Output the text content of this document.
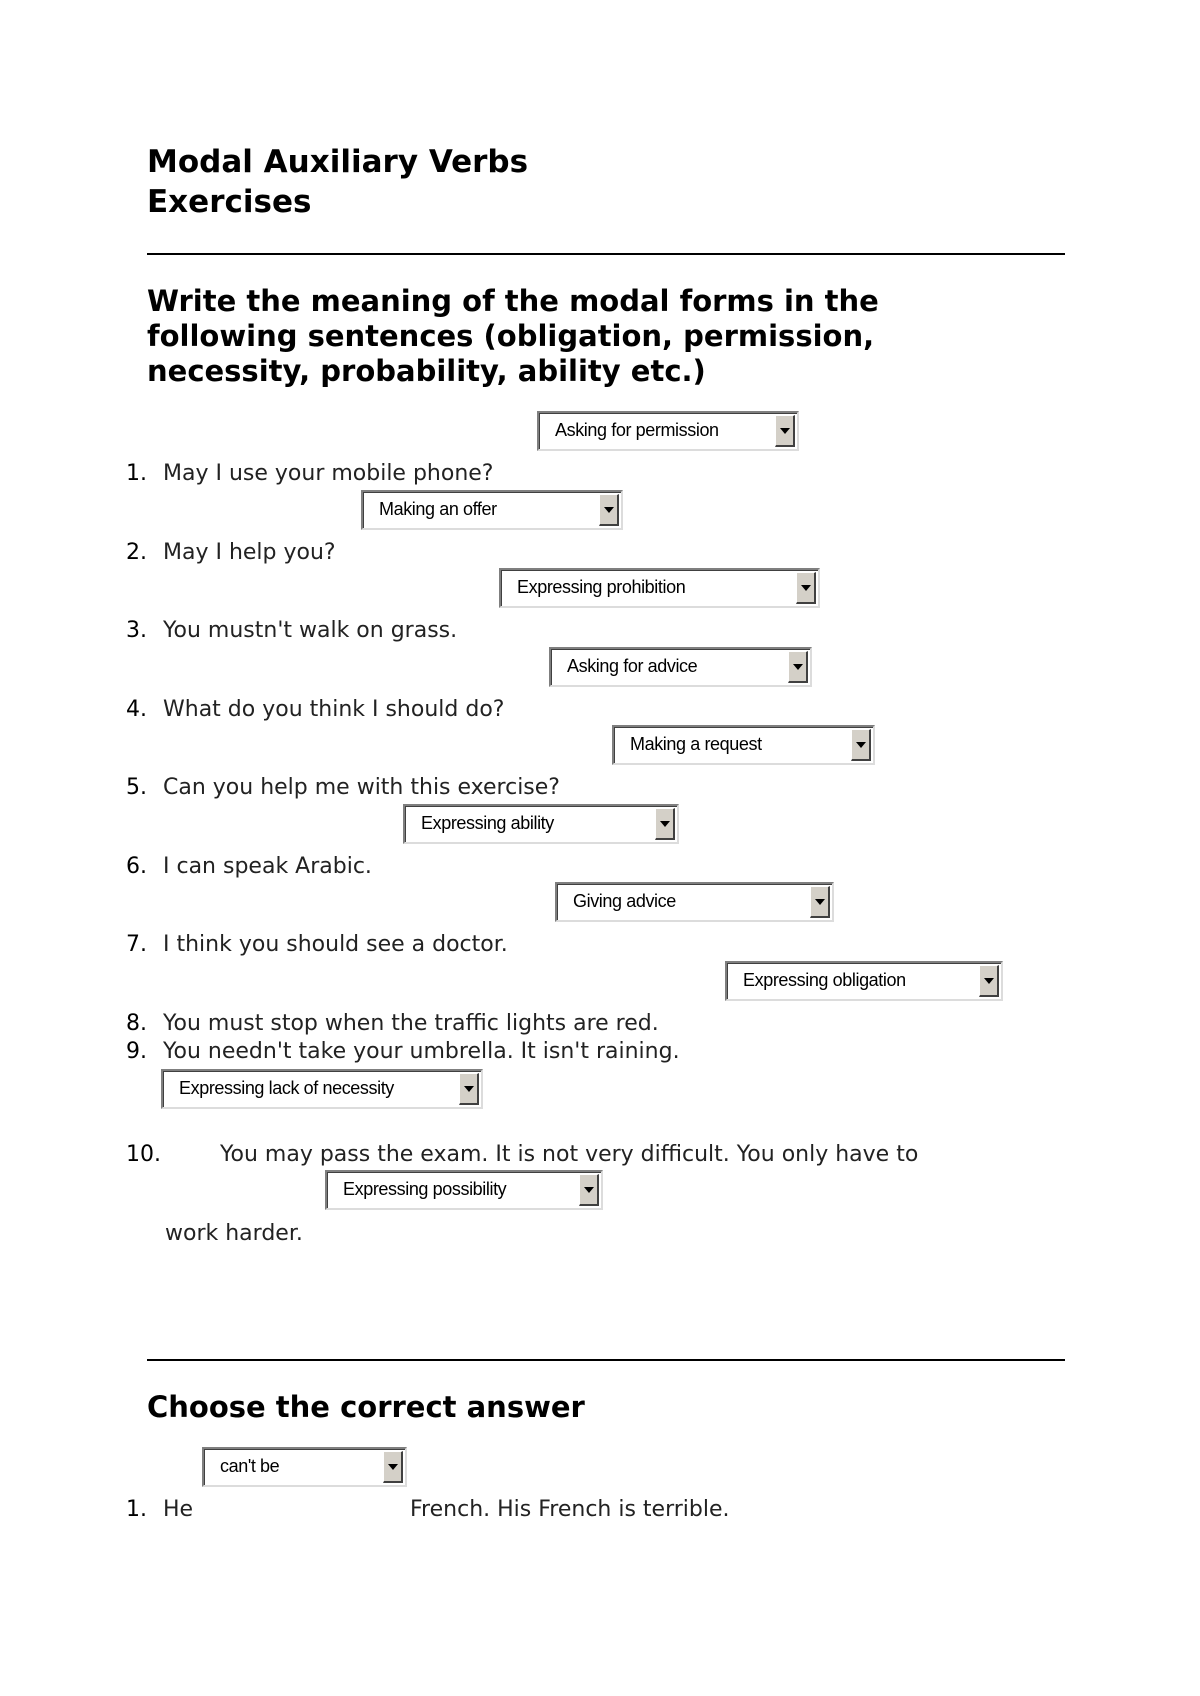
Modal Auxiliary Verbs
Exercises
Write the meaning of the modal forms in the
following sentences (obligation, permission,
necessity, probability, ability etc.)
Asking for permission
1. May I use your mobile phone?
Making an offer
2. May I help you?
Expressing prohibition
3. You mustn't walk on grass.
Asking for advice
4. What do you think I should do?
Making a request
5. Can you help me with this exercise?
Expressing ability
6. I can speak Arabic.
Giving advice
7. I think you should see a doctor.
Expressing obligation
8. You must stop when the traffic lights are red.
9. You needn't take your umbrella. It isn't raining.
Expressing lack of necessity
10.	You may pass the exam. It is not very difficult. You only have to
Expressing possibility
work harder.
Choose the correct answer
can't be
1. He	French. His French is terrible.
